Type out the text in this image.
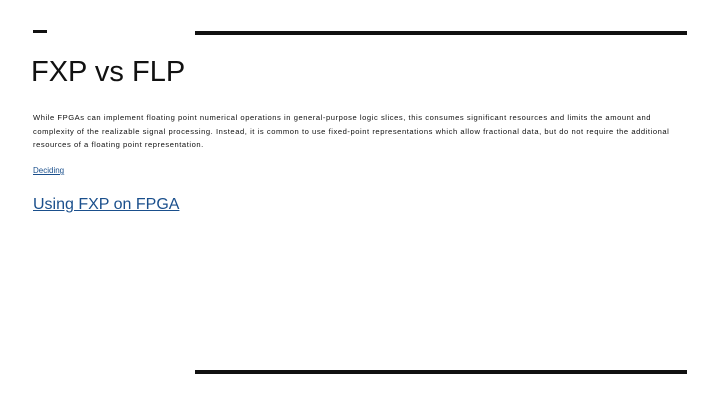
FXP vs FLP

While FPGAs can implement floating point numerical operations in general-purpose logic slices, this consumes significant resources and limits the amount and complexity of the realizable signal processing. Instead, it is common to use fixed-point representations which allow fractional data, but do not require the additional resources of a floating point representation.

Deciding
Using FXP on FPGA
